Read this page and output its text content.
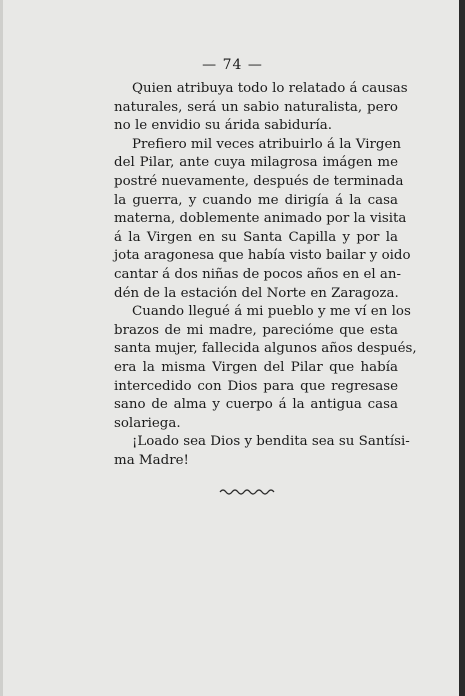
— 74 —
Quien atribuya todo lo relatado á causas
naturales, será un sabio naturalista, pero
no le envidio su árida sabiduría.
Prefiero mil veces atribuirlo á la Virgen
del Pilar, ante cuya milagrosa imágen me
postré nuevamente, después de terminada
la guerra, y cuando me dirigía á la casa
materna, doblemente animado por la visita
á la Virgen en su Santa Capilla y por la
jota aragonesa que había visto bailar y oido
cantar á dos niñas de pocos años en el an-
dén de la estación del Norte en Zaragoza.
Cuando llegué á mi pueblo y me ví en los
brazos de mi madre, parecióme que esta
santa mujer, fallecida algunos años después,
era la misma Virgen del Pilar que había
intercedido con Dios para que regresase
sano de alma y cuerpo á la antigua casa
solariega.
¡Loado sea Dios y bendita sea su Santísi-
ma Madre!
